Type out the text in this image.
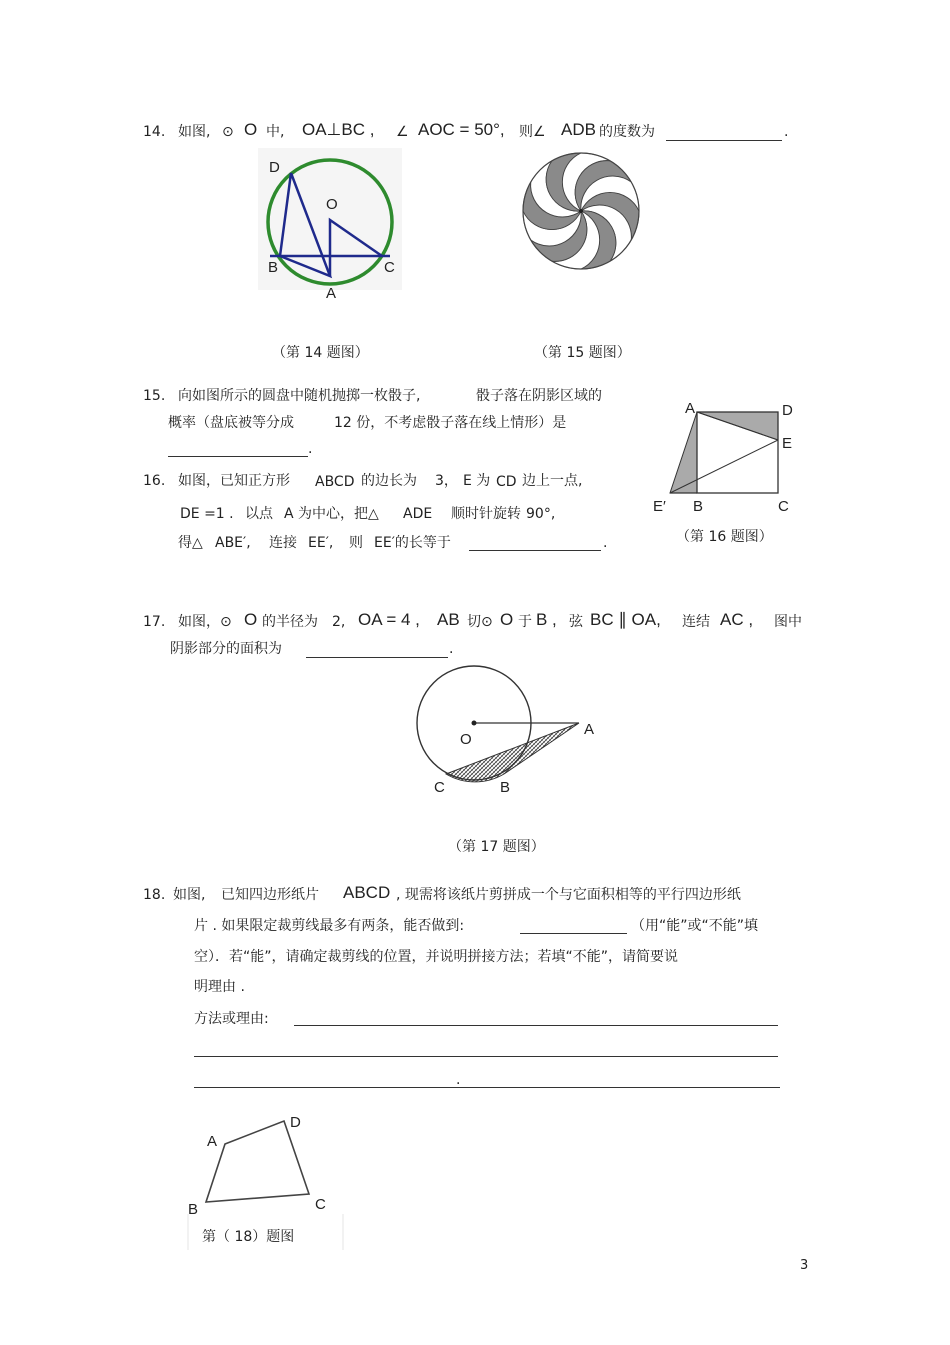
14. 如图, ⊙ O 中, OA⊥BC , ∠ AOC = 50°, 则∠ ADB 的度数为	.
D
O
B	C
A
（第 14 题图）	（第 15 题图）
15. 向如图所示的圆盘中随机抛掷一枚骰子,	骰子落在阴影区域的
概率（盘底被等分成	12 份，不考虑骰子落在线上情形）是
.
A	D
E
E′ B	C
（第 16 题图）
16. 如图，已知正方形 ABCD 的边长为 3， E 为 CD 边上一点,
DE =1 . 以点 A 为中心，把△ ADE 顺时针旋转 90°,
得△ ABE′, 连接 EE′, 则 EE′的长等于	.
17. 如图，⊙ O 的半径为 2, OA = 4 , AB 切⊙ O 于 B , 弦 BC ∥ OA, 连结 AC , 图中
阴影部分的面积为	.
O
A
C	B
（第 17 题图）
18. 如图, 已知四边形纸片 ABCD , 现需将该纸片剪拼成一个与它面积相等的平行四边形纸
片 . 如果限定裁剪线最多有两条，能否做到:	（用“能”或“不能”填
空）．若“能”，请确定裁剪线的位置，并说明拼接方法；若填“不能”，请简要说
明理由 .
方法或理由:
.
A
D
B	C
第（ 18）题图
3
